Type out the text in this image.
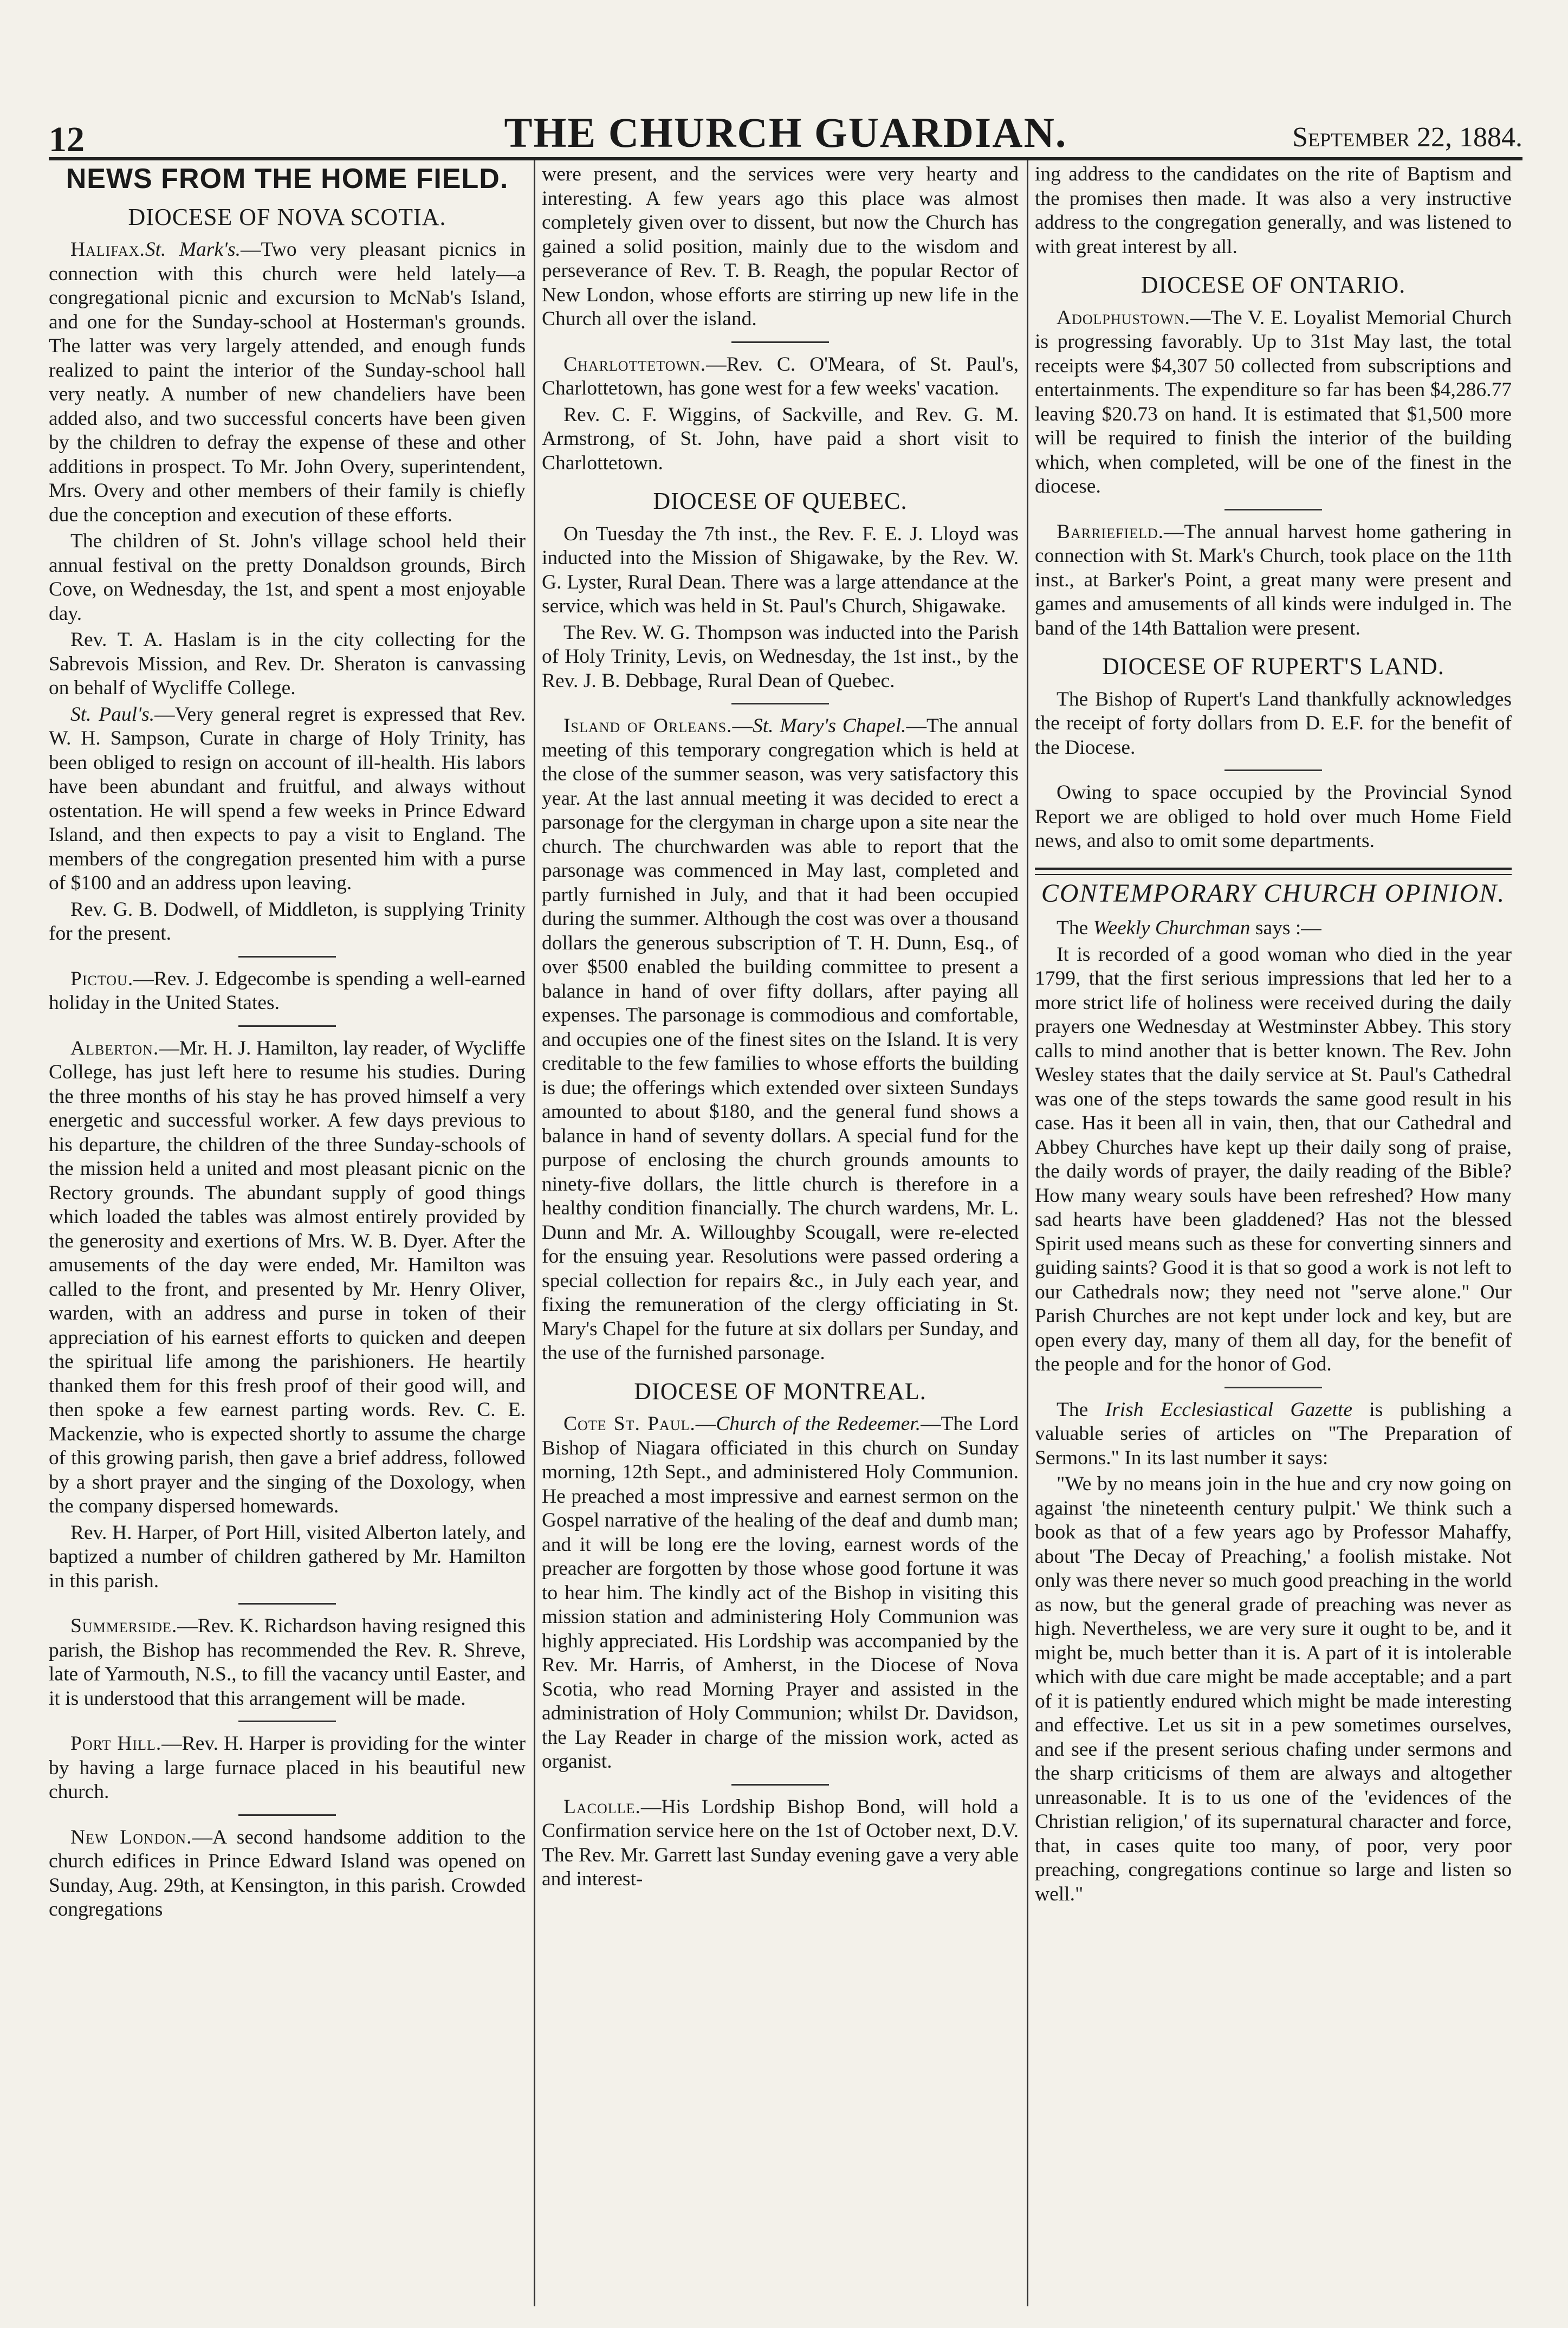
12	THE CHURCH GUARDIAN.	September 22, 1884.
NEWS FROM THE HOME FIELD.
DIOCESE OF NOVA SCOTIA.

Halifax.St. Mark's.—Two very pleasant picnics in connection with this church were held lately—a congregational picnic and excursion to McNab's Island, and one for the Sunday-school at Hosterman's grounds. The latter was very largely attended, and enough funds realized to paint the interior of the Sunday-school hall very neatly. A number of new chandeliers have been added also, and two successful concerts have been given by the children to defray the expense of these and other additions in prospect. To Mr. John Overy, superintendent, Mrs. Overy and other members of their family is chiefly due the conception and execution of these efforts.

The children of St. John's village school held their annual festival on the pretty Donaldson grounds, Birch Cove, on Wednesday, the 1st, and spent a most enjoyable day.

Rev. T. A. Haslam is in the city collecting for the Sabrevois Mission, and Rev. Dr. Sheraton is canvassing on behalf of Wycliffe College.

St. Paul's.—Very general regret is expressed that Rev. W. H. Sampson, Curate in charge of Holy Trinity, has been obliged to resign on account of ill-health. His labors have been abundant and fruitful, and always without ostentation. He will spend a few weeks in Prince Edward Island, and then expects to pay a visit to England. The members of the congregation presented him with a purse of $100 and an address upon leaving.

Rev. G. B. Dodwell, of Middleton, is supplying Trinity for the present.

Pictou.—Rev. J. Edgecombe is spending a well-earned holiday in the United States.

Alberton.—Mr. H. J. Hamilton, lay reader, of Wycliffe College, has just left here to resume his studies. During the three months of his stay he has proved himself a very energetic and successful worker. A few days previous to his departure, the children of the three Sunday-schools of the mission held a united and most pleasant picnic on the Rectory grounds. The abundant supply of good things which loaded the tables was almost entirely provided by the generosity and exertions of Mrs. W. B. Dyer. After the amusements of the day were ended, Mr. Hamilton was called to the front, and presented by Mr. Henry Oliver, warden, with an address and purse in token of their appreciation of his earnest efforts to quicken and deepen the spiritual life among the parishioners. He heartily thanked them for this fresh proof of their good will, and then spoke a few earnest parting words. Rev. C. E. Mackenzie, who is expected shortly to assume the charge of this growing parish, then gave a brief address, followed by a short prayer and the singing of the Doxology, when the company dispersed homewards.

Rev. H. Harper, of Port Hill, visited Alberton lately, and baptized a number of children gathered by Mr. Hamilton in this parish.

Summerside.—Rev. K. Richardson having resigned this parish, the Bishop has recommended the Rev. R. Shreve, late of Yarmouth, N.S., to fill the vacancy until Easter, and it is understood that this arrangement will be made.

Port Hill.—Rev. H. Harper is providing for the winter by having a large furnace placed in his beautiful new church.

New London.—A second handsome addition to the church edifices in Prince Edward Island was opened on Sunday, Aug. 29th, at Kensington, in this parish. Crowded congregations

were present, and the services were very hearty and interesting. A few years ago this place was almost completely given over to dissent, but now the Church has gained a solid position, mainly due to the wisdom and perseverance of Rev. T. B. Reagh, the popular Rector of New London, whose efforts are stirring up new life in the Church all over the island.

Charlottetown.—Rev. C. O'Meara, of St. Paul's, Charlottetown, has gone west for a few weeks' vacation.

Rev. C. F. Wiggins, of Sackville, and Rev. G. M. Armstrong, of St. John, have paid a short visit to Charlottetown.

DIOCESE OF QUEBEC.

On Tuesday the 7th inst., the Rev. F. E. J. Lloyd was inducted into the Mission of Shigawake, by the Rev. W. G. Lyster, Rural Dean. There was a large attendance at the service, which was held in St. Paul's Church, Shigawake.

The Rev. W. G. Thompson was inducted into the Parish of Holy Trinity, Levis, on Wednesday, the 1st inst., by the Rev. J. B. Debbage, Rural Dean of Quebec.

Island of Orleans.—St. Mary's Chapel.—The annual meeting of this temporary congregation which is held at the close of the summer season, was very satisfactory this year. At the last annual meeting it was decided to erect a parsonage for the clergyman in charge upon a site near the church. The churchwarden was able to report that the parsonage was commenced in May last, completed and partly furnished in July, and that it had been occupied during the summer. Although the cost was over a thousand dollars the generous subscription of T. H. Dunn, Esq., of over $500 enabled the building committee to present a balance in hand of over fifty dollars, after paying all expenses. The parsonage is commodious and comfortable, and occupies one of the finest sites on the Island. It is very creditable to the few families to whose efforts the building is due; the offerings which extended over sixteen Sundays amounted to about $180, and the general fund shows a balance in hand of seventy dollars. A special fund for the purpose of enclosing the church grounds amounts to ninety-five dollars, the little church is therefore in a healthy condition financially. The church wardens, Mr. L. Dunn and Mr. A. Willoughby Scougall, were re-elected for the ensuing year. Resolutions were passed ordering a special collection for repairs &c., in July each year, and fixing the remuneration of the clergy officiating in St. Mary's Chapel for the future at six dollars per Sunday, and the use of the furnished parsonage.

DIOCESE OF MONTREAL.

Cote St. Paul.—Church of the Redeemer.—The Lord Bishop of Niagara officiated in this church on Sunday morning, 12th Sept., and administered Holy Communion. He preached a most impressive and earnest sermon on the Gospel narrative of the healing of the deaf and dumb man; and it will be long ere the loving, earnest words of the preacher are forgotten by those whose good fortune it was to hear him. The kindly act of the Bishop in visiting this mission station and administering Holy Communion was highly appreciated. His Lordship was accompanied by the Rev. Mr. Harris, of Amherst, in the Diocese of Nova Scotia, who read Morning Prayer and assisted in the administration of Holy Communion; whilst Dr. Davidson, the Lay Reader in charge of the mission work, acted as organist.

Lacolle.—His Lordship Bishop Bond, will hold a Confirmation service here on the 1st of October next, D.V. The Rev. Mr. Garrett last Sunday evening gave a very able and interest-

ing address to the candidates on the rite of Baptism and the promises then made. It was also a very instructive address to the congregation generally, and was listened to with great interest by all.

DIOCESE OF ONTARIO.

Adolphustown.—The V. E. Loyalist Memorial Church is progressing favorably. Up to 31st May last, the total receipts were $4,307 50 collected from subscriptions and entertainments. The expenditure so far has been $4,286.77 leaving $20.73 on hand. It is estimated that $1,500 more will be required to finish the interior of the building which, when completed, will be one of the finest in the diocese.

Barriefield.—The annual harvest home gathering in connection with St. Mark's Church, took place on the 11th inst., at Barker's Point, a great many were present and games and amusements of all kinds were indulged in. The band of the 14th Battalion were present.

DIOCESE OF RUPERT'S LAND.

The Bishop of Rupert's Land thankfully acknowledges the receipt of forty dollars from D. E.F. for the benefit of the Diocese.

Owing to space occupied by the Provincial Synod Report we are obliged to hold over much Home Field news, and also to omit some departments.

CONTEMPORARY CHURCH OPINION.

The Weekly Churchman says :—

It is recorded of a good woman who died in the year 1799, that the first serious impressions that led her to a more strict life of holiness were received during the daily prayers one Wednesday at Westminster Abbey. This story calls to mind another that is better known. The Rev. John Wesley states that the daily service at St. Paul's Cathedral was one of the steps towards the same good result in his case. Has it been all in vain, then, that our Cathedral and Abbey Churches have kept up their daily song of praise, the daily words of prayer, the daily reading of the Bible? How many weary souls have been refreshed? How many sad hearts have been gladdened? Has not the blessed Spirit used means such as these for converting sinners and guiding saints? Good it is that so good a work is not left to our Cathedrals now; they need not "serve alone." Our Parish Churches are not kept under lock and key, but are open every day, many of them all day, for the benefit of the people and for the honor of God.

The Irish Ecclesiastical Gazette is publishing a valuable series of articles on "The Preparation of Sermons." In its last number it says:

"We by no means join in the hue and cry now going on against 'the nineteenth century pulpit.' We think such a book as that of a few years ago by Professor Mahaffy, about 'The Decay of Preaching,' a foolish mistake. Not only was there never so much good preaching in the world as now, but the general grade of preaching was never as high. Nevertheless, we are very sure it ought to be, and it might be, much better than it is. A part of it is intolerable which with due care might be made acceptable; and a part of it is patiently endured which might be made interesting and effective. Let us sit in a pew sometimes ourselves, and see if the present serious chafing under sermons and the sharp criticisms of them are always and altogether unreasonable. It is to us one of the 'evidences of the Christian religion,' of its supernatural character and force, that, in cases quite too many, of poor, very poor preaching, congregations continue so large and listen so well."
